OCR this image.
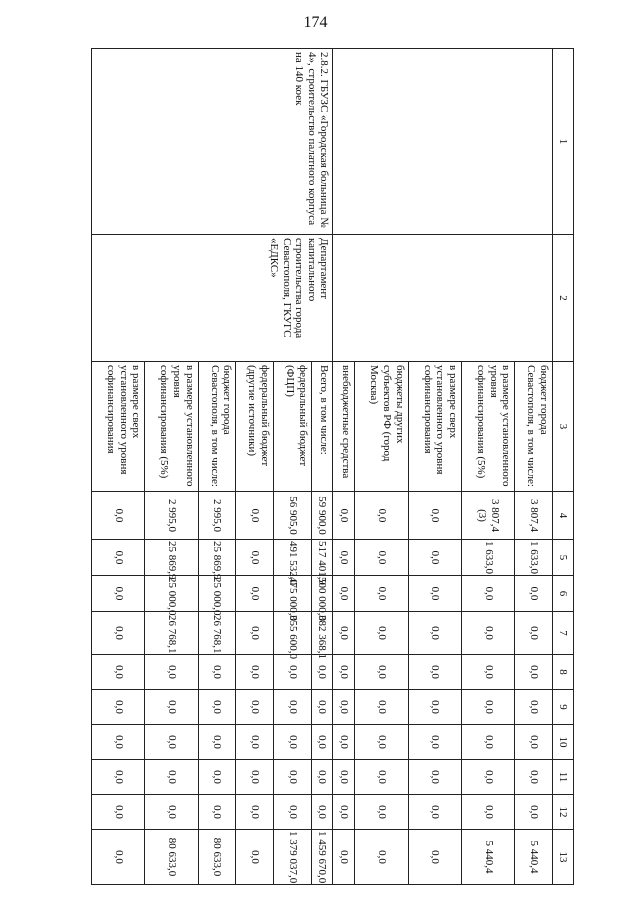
174
1	2	3	4	5	6	7	8	9	10	11	12	13
		бюджет города Севастополя, в том числе:	3 807,4	1 633,0	0,0	0,0	0,0	0,0	0,0	0,0	0,0	5 440,4
		в размере установленного уровня софинансирования (5%)	3 807,4 (3)	1 633,0	0,0	0,0	0,0	0,0	0,0	0,0	0,0	5 440,4
		в размере сверх установленного уровня софинансирования	0,0	0,0	0,0	0,0	0,0	0,0	0,0	0,0	0,0	0,0
		бюджеты других субъектов РФ (город Москва)	0,0	0,0	0,0	0,0	0,0	0,0	0,0	0,0	0,0	0,0
		внебюджетные средства	0,0	0,0	0,0	0,0	0,0	0,0	0,0	0,0	0,0	0,0
2.8.2. ГБУЗС «Городская больница № 4», строительство палатного корпуса на 140 коек	Департамент капитального строительства города Севастополя, ГКУГС «ЕДКС»	Всего, в том числе:	59 900,0	517 401,9	500 000,0	382 368,1	0,0	0,0	0,0	0,0	0,0	1 459 670,0
		федеральный бюджет (ФЦП)	56 905,0	491 532,0	475 000,0	355 600,0	0,0	0,0	0,0	0,0	0,0	1 379 037,0
		федеральный бюджет (другие источники)	0,0	0,0	0,0	0,0	0,0	0,0	0,0	0,0	0,0	0,0
		бюджет города Севастополя, в том числе:	2 995,0	25 869,9	25 000,0	26 768,1	0,0	0,0	0,0	0,0	0,0	80 633,0
		в размере установленного уровня софинансирования (5%)	2 995,0	25 869,9	25 000,0	26 768,1	0,0	0,0	0,0	0,0	0,0	80 633,0
		в размере сверх установленного уровня софинансирования	0,0	0,0	0,0	0,0	0,0	0,0	0,0	0,0	0,0	0,0
